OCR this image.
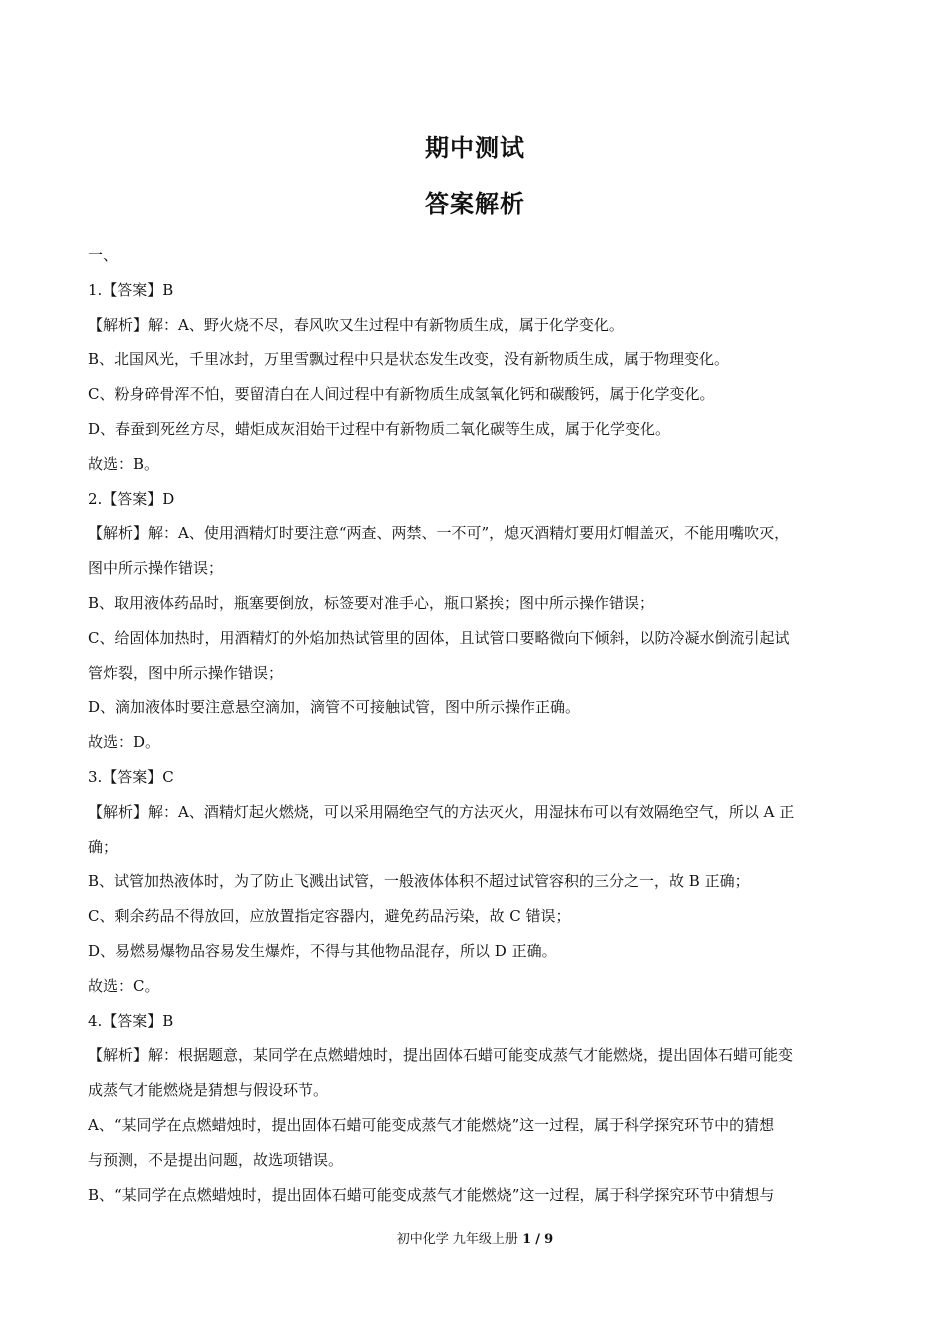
期中测试
答案解析
一、
1.【答案】B
【解析】解：A、野火烧不尽，春风吹又生过程中有新物质生成，属于化学变化。
B、北国风光，千里冰封，万里雪飘过程中只是状态发生改变，没有新物质生成，属于物理变化。
C、粉身碎骨浑不怕，要留清白在人间过程中有新物质生成氢氧化钙和碳酸钙，属于化学变化。
D、春蚕到死丝方尽，蜡炬成灰泪始干过程中有新物质二氧化碳等生成，属于化学变化。
故选：B。
2.【答案】D
【解析】解：A、使用酒精灯时要注意“两查、两禁、一不可”，熄灭酒精灯要用灯帽盖灭，不能用嘴吹灭，
图中所示操作错误；
B、取用液体药品时，瓶塞要倒放，标签要对准手心，瓶口紧挨；图中所示操作错误；
C、给固体加热时，用酒精灯的外焰加热试管里的固体，且试管口要略微向下倾斜，以防冷凝水倒流引起试
管炸裂，图中所示操作错误；
D、滴加液体时要注意悬空滴加，滴管不可接触试管，图中所示操作正确。
故选：D。
3.【答案】C
【解析】解：A、酒精灯起火燃烧，可以采用隔绝空气的方法灭火，用湿抹布可以有效隔绝空气，所以 A 正
确；
B、试管加热液体时，为了防止飞溅出试管，一般液体体积不超过试管容积的三分之一，故 B 正确；
C、剩余药品不得放回，应放置指定容器内，避免药品污染，故 C 错误；
D、易燃易爆物品容易发生爆炸，不得与其他物品混存，所以 D 正确。
故选：C。
4.【答案】B
【解析】解：根据题意，某同学在点燃蜡烛时，提出固体石蜡可能变成蒸气才能燃烧，提出固体石蜡可能变
成蒸气才能燃烧是猜想与假设环节。
A、“某同学在点燃蜡烛时，提出固体石蜡可能变成蒸气才能燃烧”这一过程，属于科学探究环节中的猜想
与预测，不是提出问题，故选项错误。
B、“某同学在点燃蜡烛时，提出固体石蜡可能变成蒸气才能燃烧”这一过程，属于科学探究环节中猜想与
初中化学 九年级上册 1 / 9
